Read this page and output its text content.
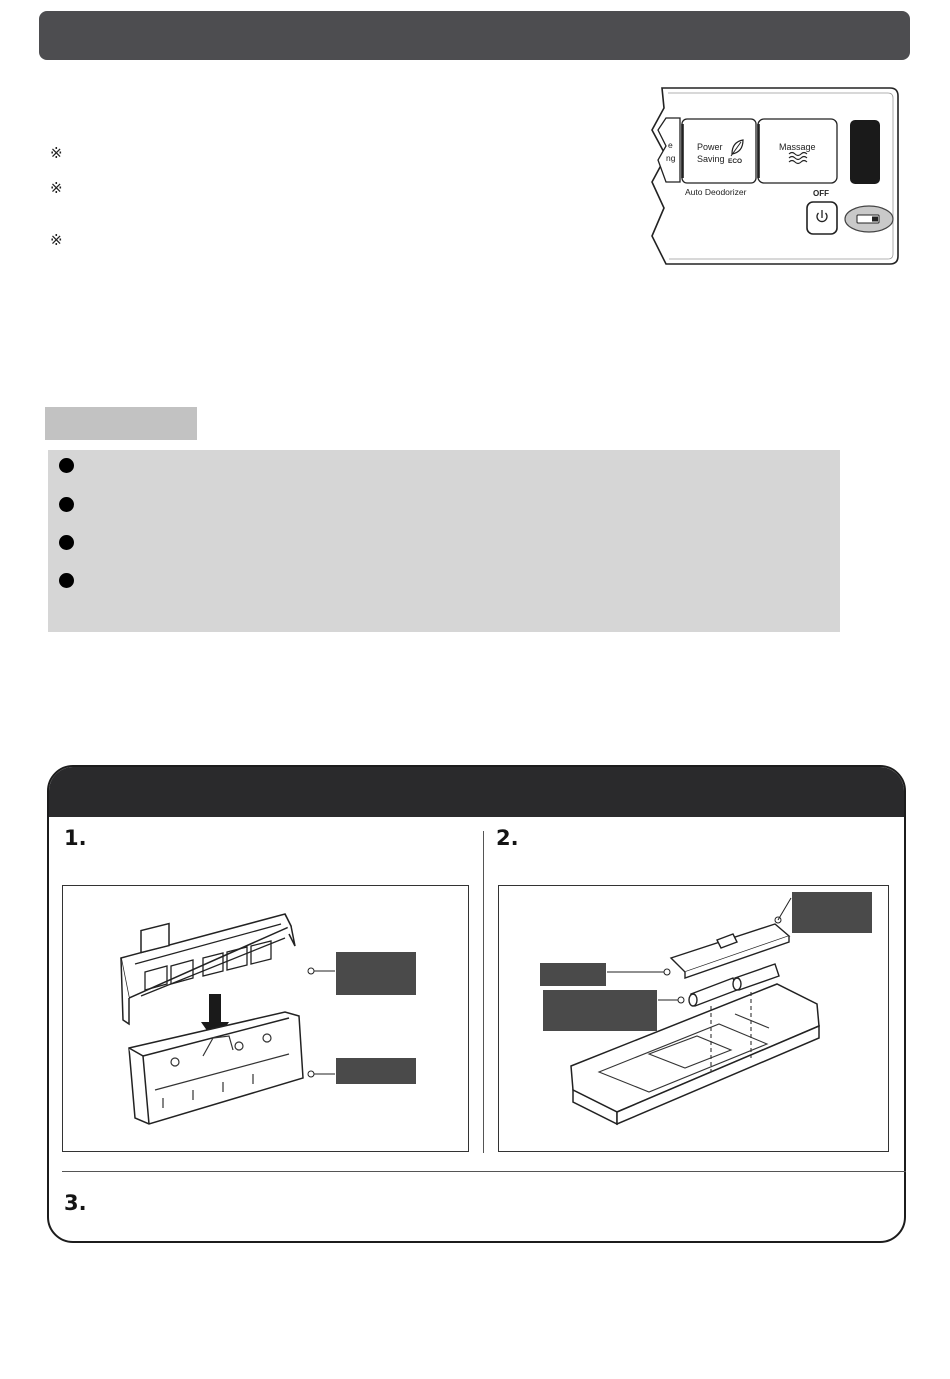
※
※
※
e
ng
Power
Saving ECO
Massage
Auto Deodorizer	OFF
1.	2.
3.
